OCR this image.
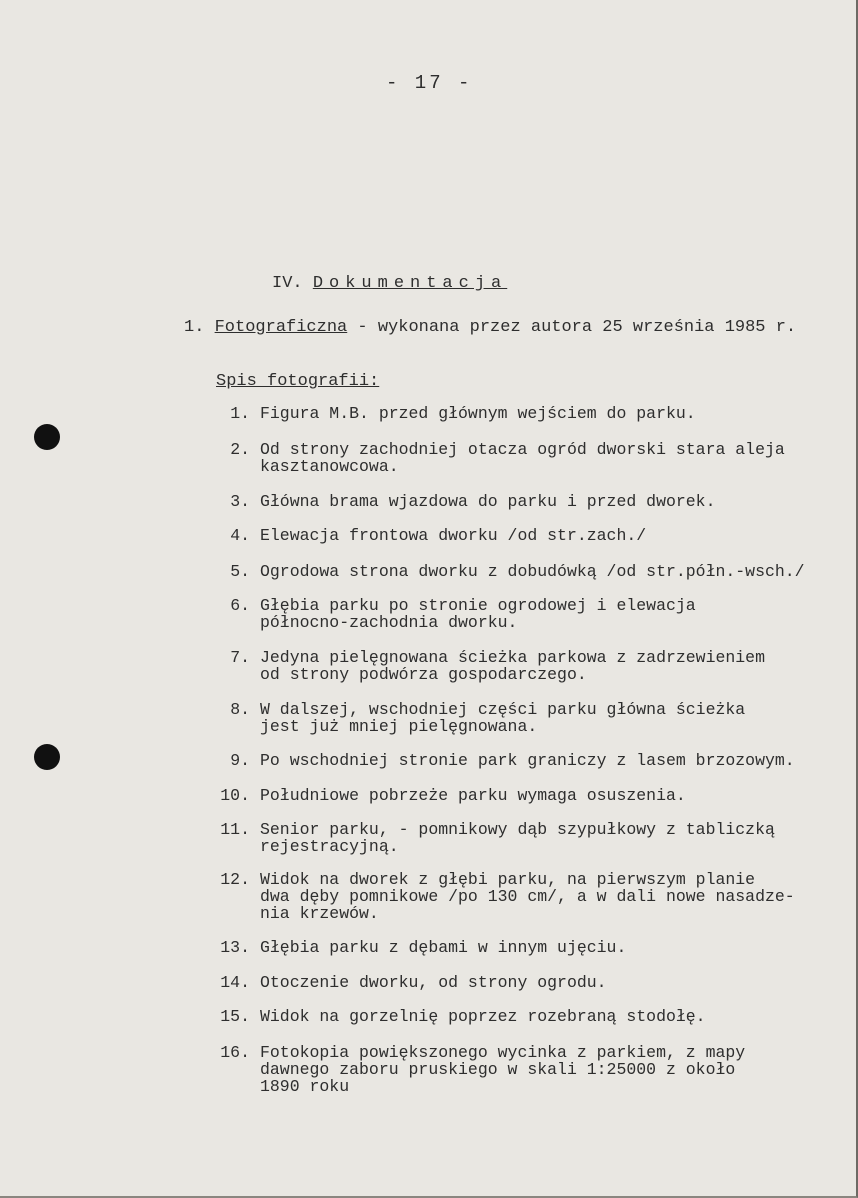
- 17 -
IV. Dokumentacja
1. Fotograficzna - wykonana przez autora 25 września 1985 r.
Spis fotografii:
1. Figura M.B. przed głównym wejściem do parku.
2. Od strony zachodniej otacza ogród dworski stara aleja
kasztanowcowa.
3. Główna brama wjazdowa do parku i przed dworek.
4. Elewacja frontowa dworku /od str.zach./
5. Ogrodowa strona dworku z dobudówką /od str.półn.-wsch./
6. Głębia parku po stronie ogrodowej i elewacja
północno-zachodnia dworku.
7. Jedyna pielęgnowana ścieżka parkowa z zadrzewieniem
od strony podwórza gospodarczego.
8. W dalszej, wschodniej części parku główna ścieżka
jest już mniej pielęgnowana.
9. Po wschodniej stronie park graniczy z lasem brzozowym.
10. Południowe pobrzeże parku wymaga osuszenia.
11. Senior parku, - pomnikowy dąb szypułkowy z tabliczką
rejestracyjną.
12. Widok na dworek z głębi parku, na pierwszym planie
dwa dęby pomnikowe /po 130 cm/, a w dali nowe nasadze-
nia krzewów.
13. Głębia parku z dębami w innym ujęciu.
14. Otoczenie dworku, od strony ogrodu.
15. Widok na gorzelnię poprzez rozebraną stodołę.
16. Fotokopia powiększonego wycinka z parkiem, z mapy
dawnego zaboru pruskiego w skali 1:25000 z około
1890 roku
